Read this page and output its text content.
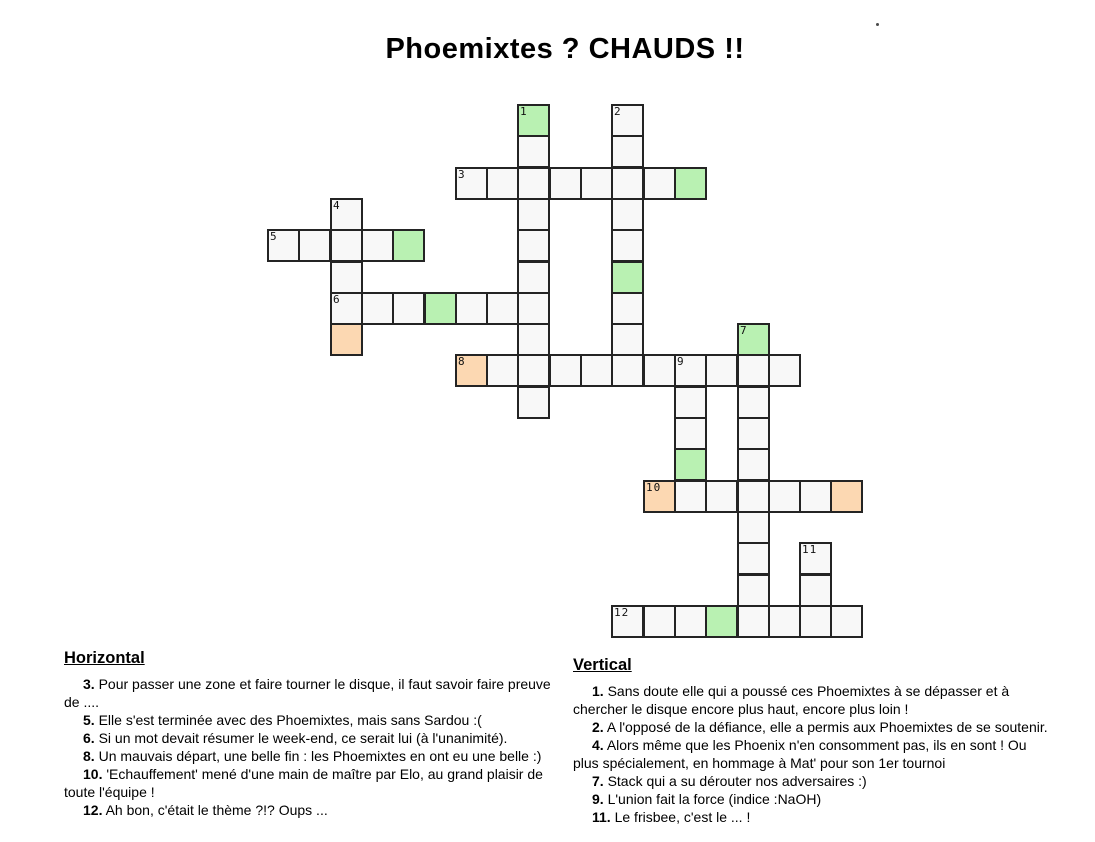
Phoemixtes ? CHAUDS !!
1	2
3
4
5
6
7
8	9
10
11
12
Horizontal

3. Pour passer une zone et faire tourner le disque, il faut savoir faire preuve de ....

5. Elle s'est terminée avec des Phoemixtes, mais sans Sardou :(

6. Si un mot devait résumer le week-end, ce serait lui (à l'unanimité).

8. Un mauvais départ, une belle fin : les Phoemixtes en ont eu une belle :)

10. 'Echauffement' mené d'une main de maître par Elo, au grand plaisir de toute l'équipe !

12. Ah bon, c'était le thème ?!? Oups ...

Vertical

1. Sans doute elle qui a poussé ces Phoemixtes à se dépasser et à chercher le disque encore plus haut, encore plus loin !

2. A l'opposé de la défiance, elle a permis aux Phoemixtes de se soutenir.

4. Alors même que les Phoenix n'en consomment pas, ils en sont ! Ou plus spécialement, en hommage à Mat' pour son 1er tournoi

7. Stack qui a su dérouter nos adversaires :)

9. L'union fait la force (indice :NaOH)

11. Le frisbee, c'est le ... !
